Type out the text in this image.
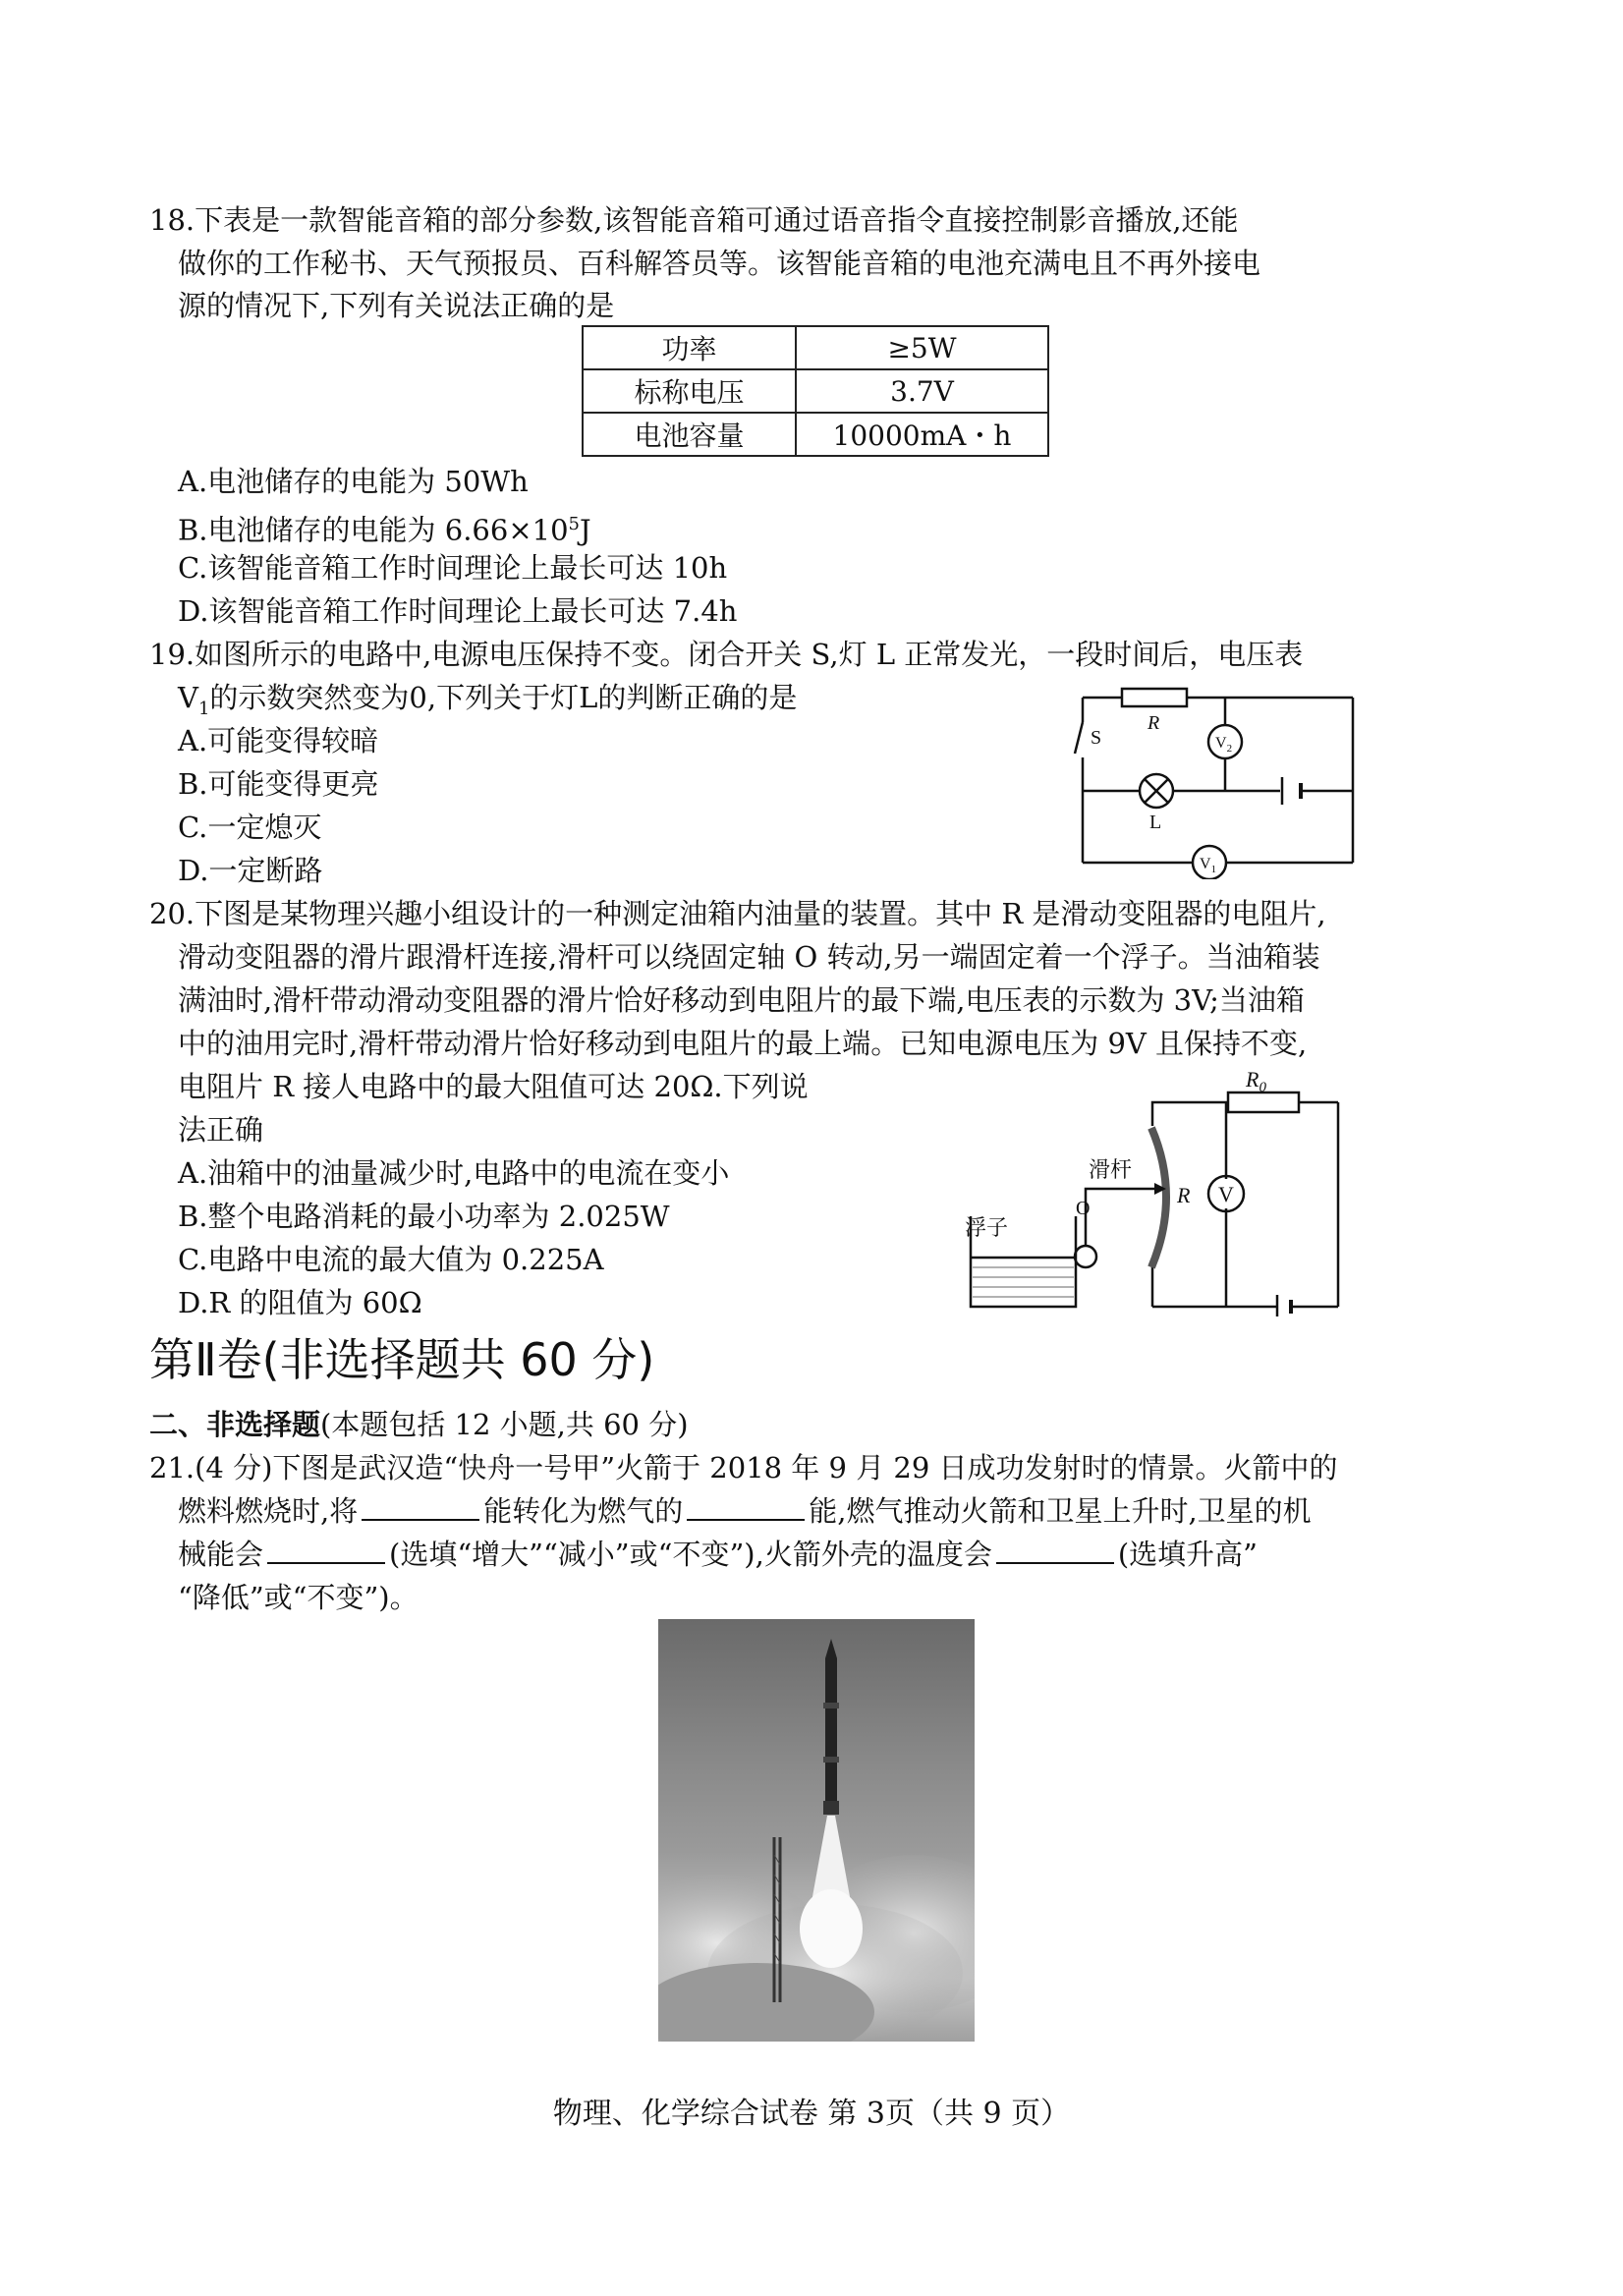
18.下表是一款智能音箱的部分参数,该智能音箱可通过语音指令直接控制影音播放,还能
做你的工作秘书、天气预报员、百科解答员等。该智能音箱的电池充满电且不再外接电
源的情况下,下列有关说法正确的是
功率	≥5W
标称电压	3.7V
电池容量	10000mA・h
A.电池储存的电能为 50Wh
B.电池储存的电能为 $6.66\times 10^5J$
C.该智能音箱工作时间理论上最长可达 10h
D.该智能音箱工作时间理论上最长可达 7.4h
19.如图所示的电路中,电源电压保持不变。闭合开关 S,灯 L 正常发光，一段时间后，电压表
$V_1$的示数突然变为0,下列关于灯L的判断正确的是
A.可能变得较暗
B.可能变得更亮
C.一定熄灭
D.一定断路
S
R
L
$V_2$
$V_1$
20.下图是某物理兴趣小组设计的一种测定油箱内油量的装置。其中 R 是滑动变阻器的电阻片,
滑动变阻器的滑片跟滑杆连接,滑杆可以绕固定轴 O 转动,另一端固定着一个浮子。当油箱装
满油时,滑杆带动滑动变阻器的滑片恰好移动到电阻片的最下端,电压表的示数为 3V;当油箱
中的油用完时,滑杆带动滑片恰好移动到电阻片的最上端。已知电源电压为 9V 且保持不变,
电阻片 R 接人电路中的最大阻值可达 20Ω.下列说
法正确
A.油箱中的油量减少时,电路中的电流在变小
B.整个电路消耗的最小功率为 2.025W
C.电路中电流的最大值为 0.225A
D.R 的阻值为 60Ω
$R_0$
滑杆
O
R V
浮子
第Ⅱ卷(非选择题共 60 分)
二、非选择题(本题包括 12 小题,共 60 分)
21.(4 分)下图是武汉造“快舟一号甲”火箭于 2018 年 9 月 29 日成功发射时的情景。火箭中的
燃料燃烧时,将	能转化为燃气的	能,燃气推动火箭和卫星上升时,卫星的机
械能会	(选填“增大”“减小”或“不变”),火箭外壳的温度会	(选填升高”
“降低”或“不变”)。
物理、化学综合试卷 第 3页（共 9 页）
